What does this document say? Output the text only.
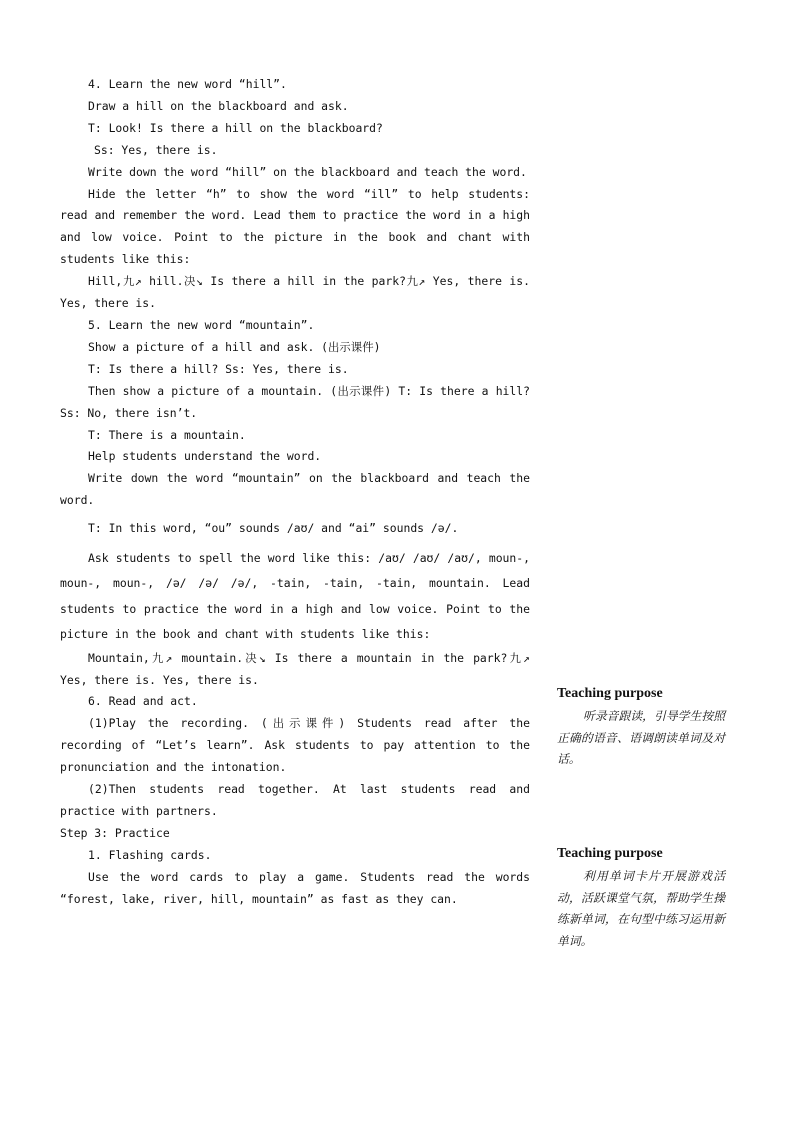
4. Learn the new word “hill”.

Draw a hill on the blackboard and ask.

T: Look! Is there a hill on the blackboard?

Ss: Yes, there is.

Write down the word “hill” on the blackboard and teach the word.

Hide the letter “h” to show the word “ill” to help students: read and remember the word. Lead them to practice the word in a high and low voice. Point to the picture in the book and chant with students like this:

Hill,九↗ hill.决↘ Is there a hill in the park?九↗ Yes, there is. Yes, there is.

5. Learn the new word “mountain”.

Show a picture of a hill and ask. (出示课件)

T: Is there a hill? Ss: Yes, there is.

Then show a picture of a mountain. (出示课件) T: Is there a hill? Ss: No, there isn’t.

T: There is a mountain.

Help students understand the word.

Write down the word “mountain” on the blackboard and teach the word.

T: In this word, “ou” sounds /aʊ/ and “ai” sounds /ə/.

Ask students to spell the word like this: /aʊ/ /aʊ/ /aʊ/, moun-, moun-, moun-, /ə/ /ə/ /ə/, -tain, -tain, -tain, mountain. Lead students to practice the word in a high and low voice. Point to the picture in the book and chant with students like this:

Mountain,九↗ mountain.决↘ Is there a mountain in the park?九↗ Yes, there is. Yes, there is.

6. Read and act.

(1)Play the recording. (出示课件) Students read after the recording of “Let’s learn”. Ask students to pay attention to the pronunciation and the intonation.

(2)Then students read together. At last students read and practice with partners.

Step 3: Practice

1. Flashing cards.

Use the word cards to play a game. Students read the words “forest, lake, river, hill, mountain” as fast as they can.

Teaching purpose

听录音跟读，引导学生按照正确的语音、语调朗读单词及对话。

Teaching purpose

利用单词卡片开展游戏活动，活跃课堂气氛，帮助学生操练新单词，在句型中练习运用新单词。
